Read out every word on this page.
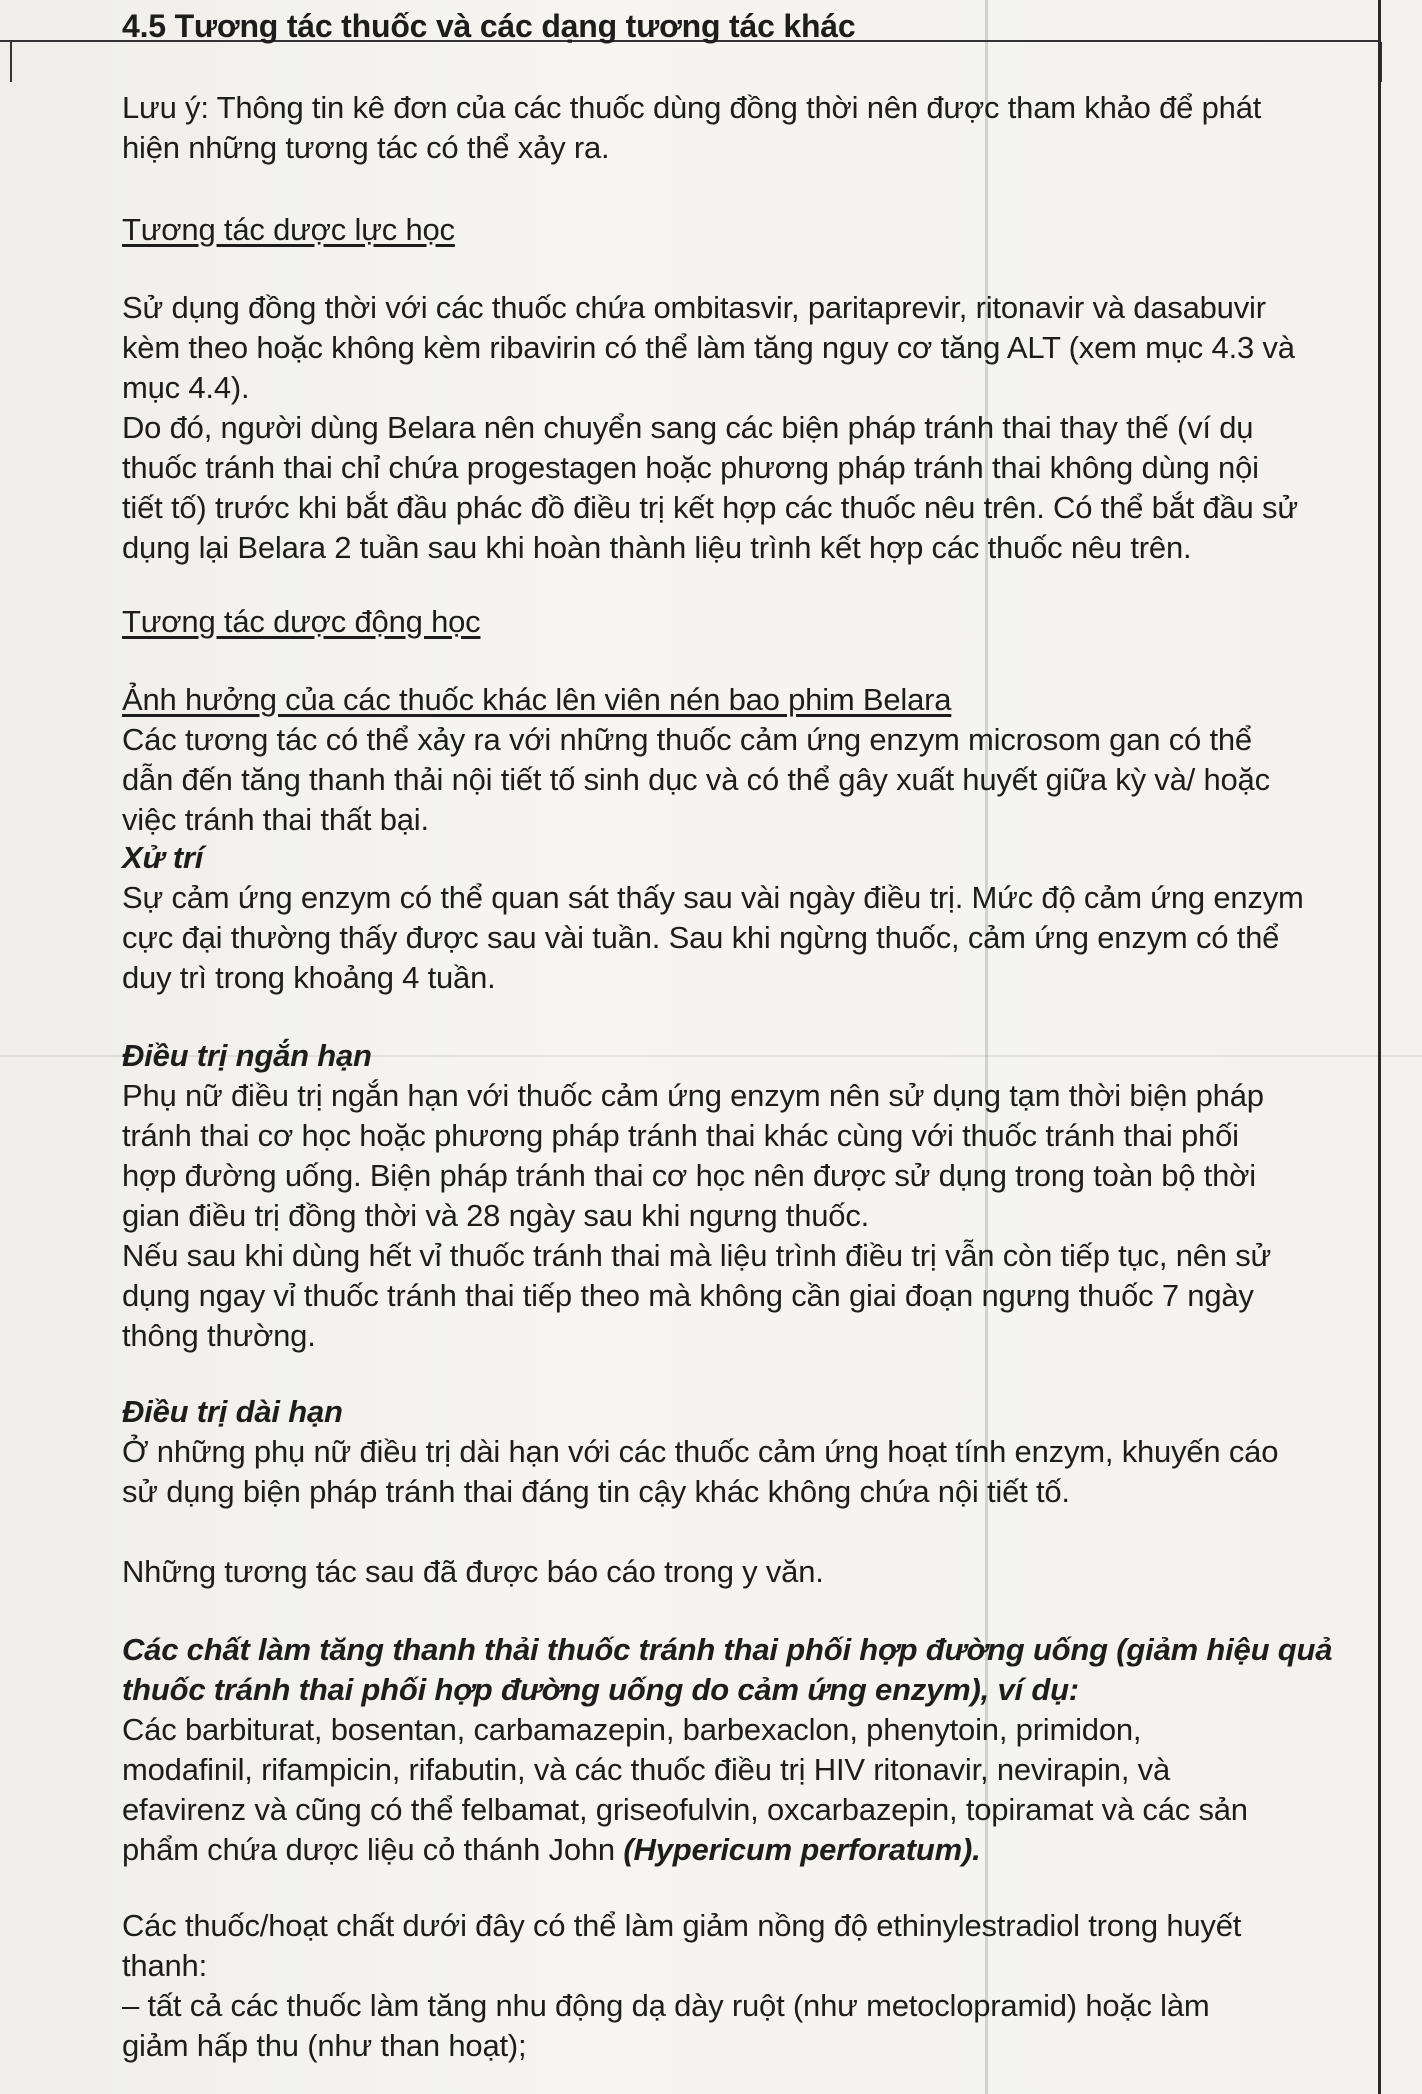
4.5 Tương tác thuốc và các dạng tương tác khác
Lưu ý: Thông tin kê đơn của các thuốc dùng đồng thời nên được tham khảo để phát
hiện những tương tác có thể xảy ra.
Tương tác dược lực học
Sử dụng đồng thời với các thuốc chứa ombitasvir, paritaprevir, ritonavir và dasabuvir
kèm theo hoặc không kèm ribavirin có thể làm tăng nguy cơ tăng ALT (xem mục 4.3 và
mục 4.4).
Do đó, người dùng Belara nên chuyển sang các biện pháp tránh thai thay thế (ví dụ
thuốc tránh thai chỉ chứa progestagen hoặc phương pháp tránh thai không dùng nội
tiết tố) trước khi bắt đầu phác đồ điều trị kết hợp các thuốc nêu trên. Có thể bắt đầu sử
dụng lại Belara 2 tuần sau khi hoàn thành liệu trình kết hợp các thuốc nêu trên.
Tương tác dược động học
Ảnh hưởng của các thuốc khác lên viên nén bao phim Belara
Các tương tác có thể xảy ra với những thuốc cảm ứng enzym microsom gan có thể
dẫn đến tăng thanh thải nội tiết tố sinh dục và có thể gây xuất huyết giữa kỳ và/ hoặc
việc tránh thai thất bại.
Xử trí
Sự cảm ứng enzym có thể quan sát thấy sau vài ngày điều trị. Mức độ cảm ứng enzym
cực đại thường thấy được sau vài tuần. Sau khi ngừng thuốc, cảm ứng enzym có thể
duy trì trong khoảng 4 tuần.
Điều trị ngắn hạn
Phụ nữ điều trị ngắn hạn với thuốc cảm ứng enzym nên sử dụng tạm thời biện pháp
tránh thai cơ học hoặc phương pháp tránh thai khác cùng với thuốc tránh thai phối
hợp đường uống. Biện pháp tránh thai cơ học nên được sử dụng trong toàn bộ thời
gian điều trị đồng thời và 28 ngày sau khi ngưng thuốc.
Nếu sau khi dùng hết vỉ thuốc tránh thai mà liệu trình điều trị vẫn còn tiếp tục, nên sử
dụng ngay vỉ thuốc tránh thai tiếp theo mà không cần giai đoạn ngưng thuốc 7 ngày
thông thường.
Điều trị dài hạn
Ở những phụ nữ điều trị dài hạn với các thuốc cảm ứng hoạt tính enzym, khuyến cáo
sử dụng biện pháp tránh thai đáng tin cậy khác không chứa nội tiết tố.
Những tương tác sau đã được báo cáo trong y văn.
Các chất làm tăng thanh thải thuốc tránh thai phối hợp đường uống (giảm hiệu quả
thuốc tránh thai phối hợp đường uống do cảm ứng enzym), ví dụ:
Các barbiturat, bosentan, carbamazepin, barbexaclon, phenytoin, primidon,
modafinil, rifampicin, rifabutin, và các thuốc điều trị HIV ritonavir, nevirapin, và
efavirenz và cũng có thể felbamat, griseofulvin, oxcarbazepin, topiramat và các sản
phẩm chứa dược liệu cỏ thánh John (Hypericum perforatum).
Các thuốc/hoạt chất dưới đây có thể làm giảm nồng độ ethinylestradiol trong huyết
thanh:
– tất cả các thuốc làm tăng nhu động dạ dày ruột (như metoclopramid) hoặc làm
giảm hấp thu (như than hoạt);
